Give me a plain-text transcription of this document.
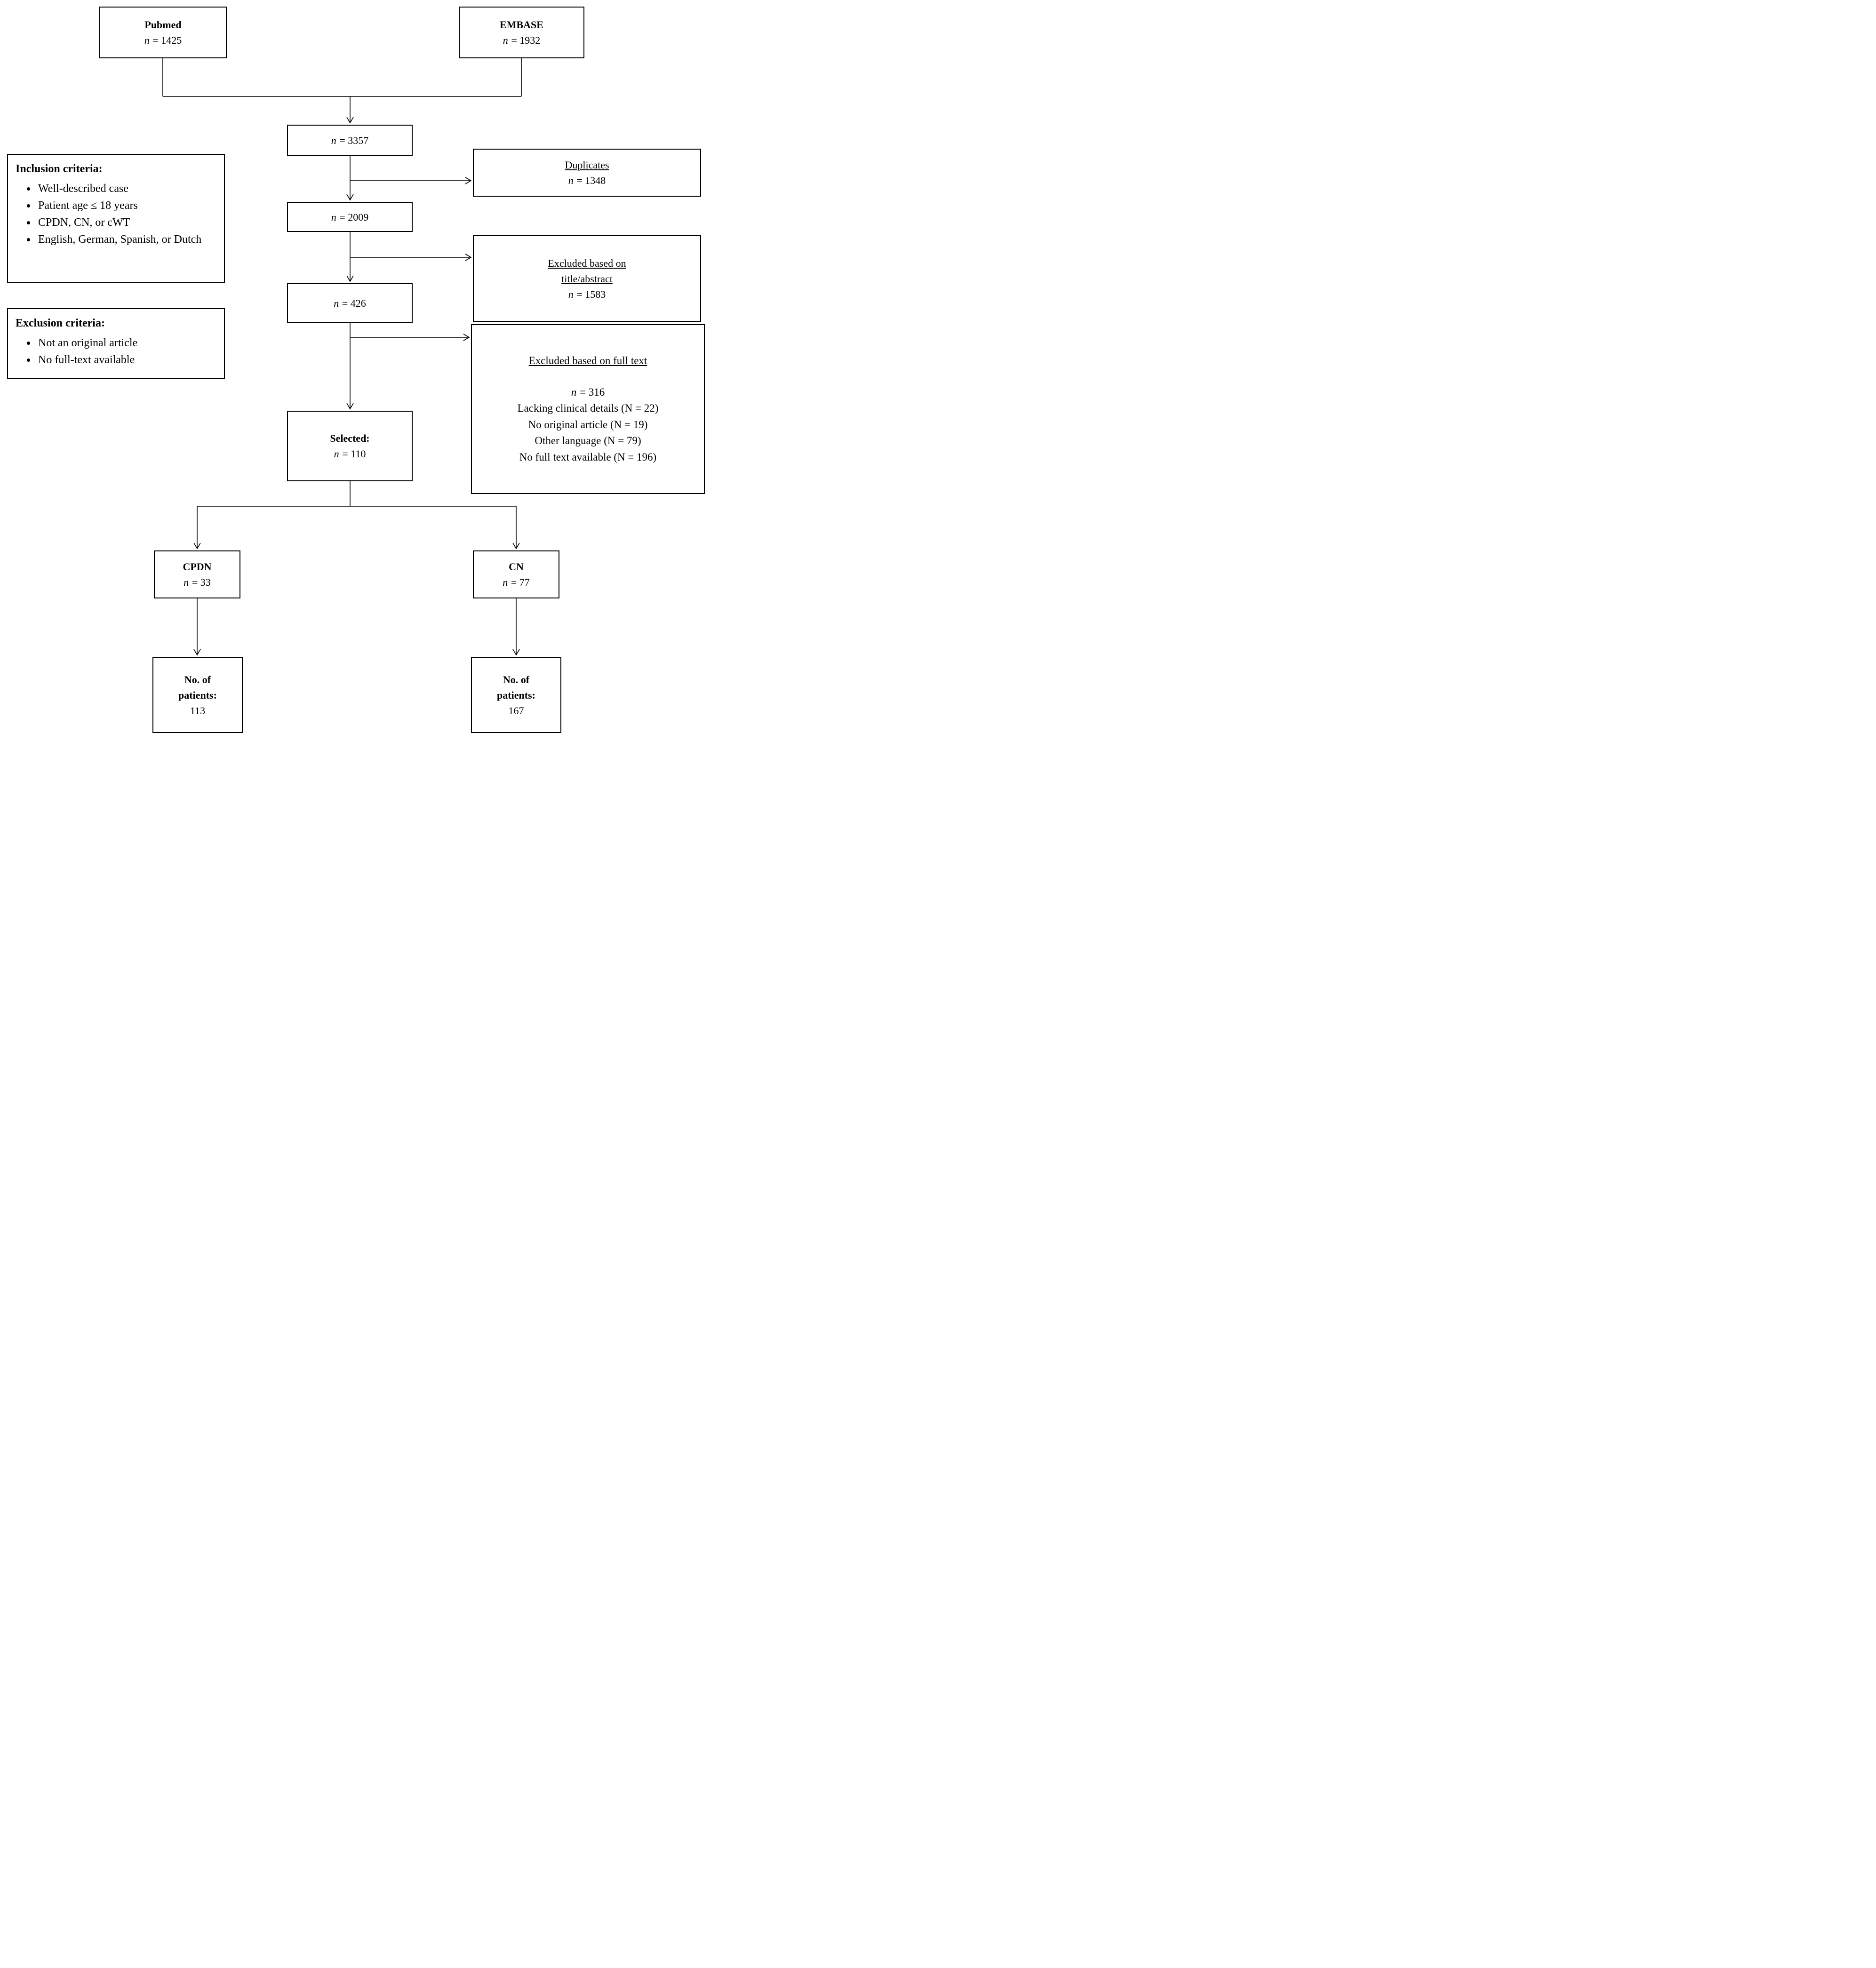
Pubmed
n = 1425
EMBASE
n = 1932
n = 3357
Duplicates
n = 1348
n = 2009
Excluded based on
title/abstract
n = 1583
n = 426
Excluded based on full text
n = 316
Lacking clinical details (N = 22)
No original article (N = 19)
Other language (N = 79)
No full text available (N = 196)
Selected:
n = 110
Inclusion criteria:
• Well-described case
• Patient age ≤ 18 years
• CPDN, CN, or cWT
• English, German, Spanish, or Dutch
Exclusion criteria:
• Not an original article
• No full-text available
CPDN
n = 33
CN
n = 77
No. of
patients:
113
No. of
patients:
167
